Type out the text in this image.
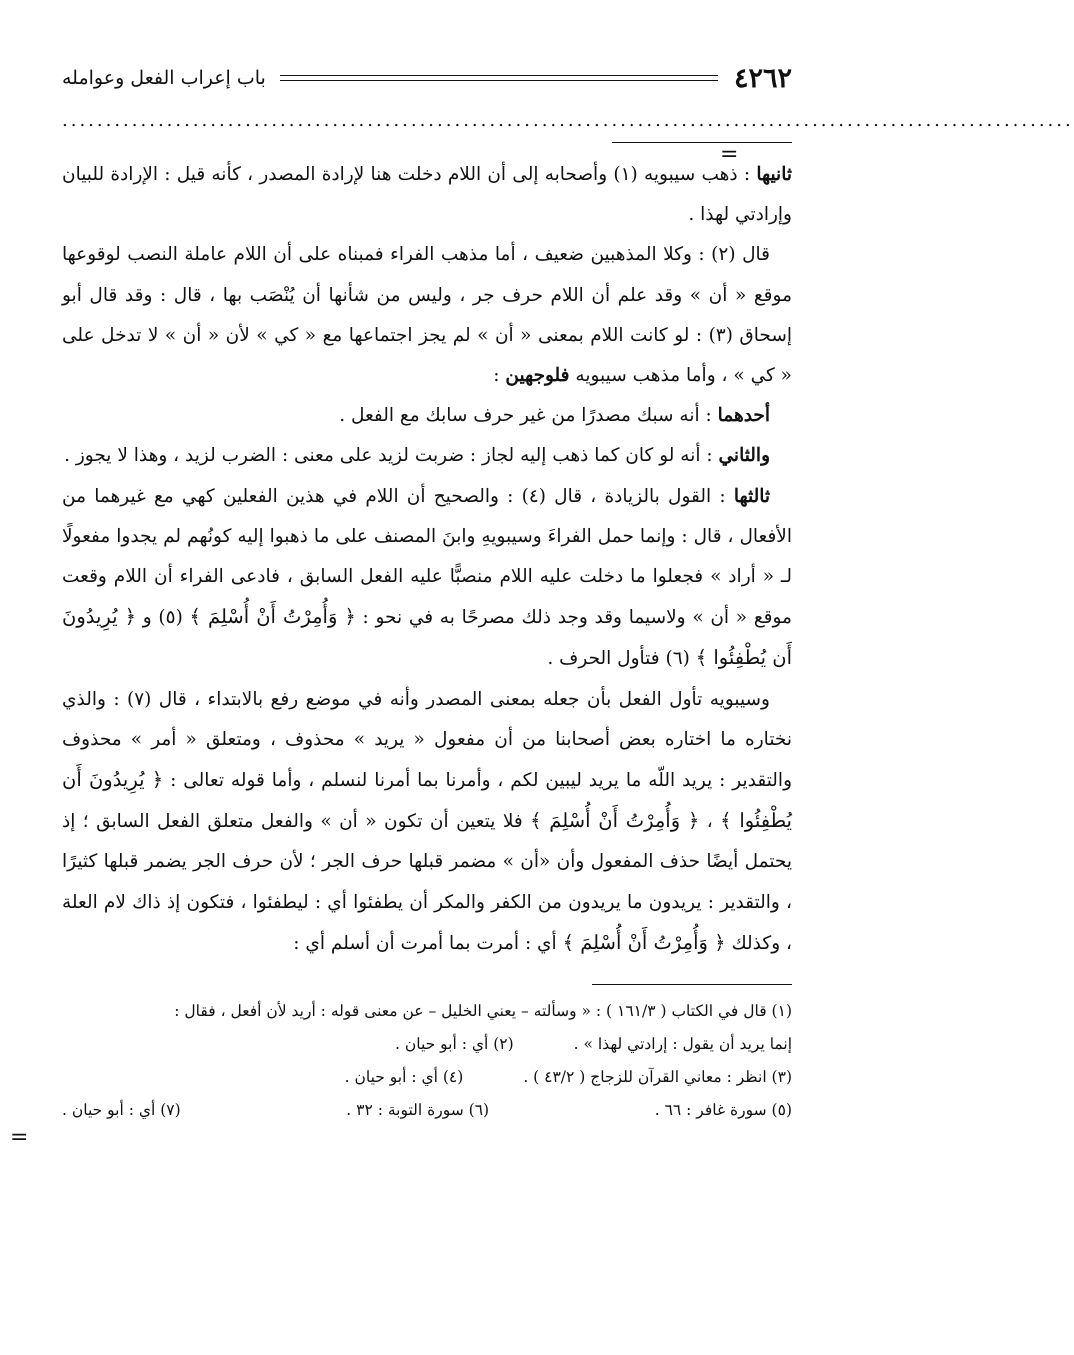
=
٤٢٦٢
باب إعراب الفعل وعوامله
....................................................................................................................

ثانيها : ذهب سيبويه (١) وأصحابه إلى أن اللام دخلت هنا لإرادة المصدر ، كأنه قيل : الإرادة للبيان وإرادتي لهذا .

قال (٢) : وكلا المذهبين ضعيف ، أما مذهب الفراء فمبناه على أن اللام عاملة النصب لوقوعها موقع « أن » وقد علم أن اللام حرف جر ، وليس من شأنها أن يُنْصَب بها ، قال : وقد قال أبو إسحاق (٣) : لو كانت اللام بمعنى « أن » لم يجز اجتماعها مع « كي » لأن « أن » لا تدخل على « كي » ، وأما مذهب سيبويه فلوجهين :

أحدهما : أنه سبك مصدرًا من غير حرف سابك مع الفعل .

والثاني : أنه لو كان كما ذهب إليه لجاز : ضربت لزيد على معنى : الضرب لزيد ، وهذا لا يجوز .

ثالثها : القول بالزيادة ، قال (٤) : والصحيح أن اللام في هذين الفعلين كهي مع غيرهما من الأفعال ، قال : وإنما حمل الفراءَ وسيبويهِ وابنَ المصنف على ما ذهبوا إليه كونُهم لم يجدوا مفعولًا لـ « أراد » فجعلوا ما دخلت عليه اللام منصبًّا عليه الفعل السابق ، فادعى الفراء أن اللام وقعت موقع « أن » ولاسيما وقد وجد ذلك مصرحًا به في نحو : ﴿ وَأُمِرْتُ أَنْ أُسْلِمَ ﴾ (٥) و ﴿ يُرِيدُونَ أَن يُطْفِئُوا ﴾ (٦) فتأول الحرف .

وسيبويه تأول الفعل بأن جعله بمعنى المصدر وأنه في موضع رفع بالابتداء ، قال (٧) : والذي نختاره ما اختاره بعض أصحابنا من أن مفعول « يريد » محذوف ، ومتعلق « أمر » محذوف والتقدير : يريد اللّه ما يريد ليبين لكم ، وأمرنا بما أمرنا لنسلم ، وأما قوله تعالى : ﴿ يُرِيدُونَ أَن يُطْفِئُوا ﴾ ، ﴿ وَأُمِرْتُ أَنْ أُسْلِمَ ﴾ فلا يتعين أن تكون « أن » والفعل متعلق الفعل السابق ؛ إذ يحتمل أيضًا حذف المفعول وأن «أن » مضمر قبلها حرف الجر ؛ لأن حرف الجر يضمر قبلها كثيرًا ، والتقدير : يريدون ما يريدون من الكفر والمكر أن يطفئوا أي : ليطفئوا ، فتكون إذ ذاك لام العلة ، وكذلك ﴿ وَأُمِرْتُ أَنْ أُسْلِمَ ﴾ أي : أمرت بما أمرت أن أسلم أي :

(١) قال في الكتاب ( ١٦١/٣ ) : « وسألته – يعني الخليل – عن معنى قوله : أريد لأن أفعل ، فقال :
إنما يريد أن يقول : إرادتي لهذا » .
(٢) أي : أبو حيان .
(٣) انظر : معاني القرآن للزجاج ( ٤٣/٢ ) .
(٤) أي : أبو حيان .
(٥) سورة غافر : ٦٦ .
(٦) سورة التوبة : ٣٢ .
(٧) أي : أبو حيان .
=
